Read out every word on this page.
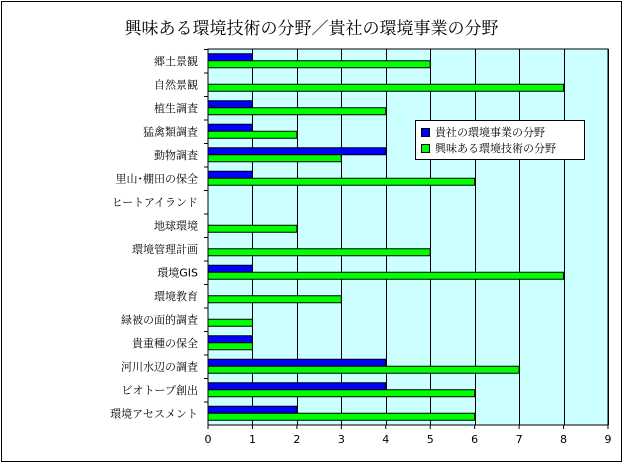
興味ある環境技術の分野／貴社の環境事業の分野
郷土景観
自然景観
植生調査
猛禽類調査
動物調査
里山･棚田の保全
ヒートアイランド
地球環境
環境管理計画
環境GIS
環境教育
緑被の面的調査
貴重種の保全
河川水辺の調査
ビオトープ創出
環境アセスメント
0	1	2	3	4	5	6	7	8	9
貴社の環境事業の分野
興味ある環境技術の分野
